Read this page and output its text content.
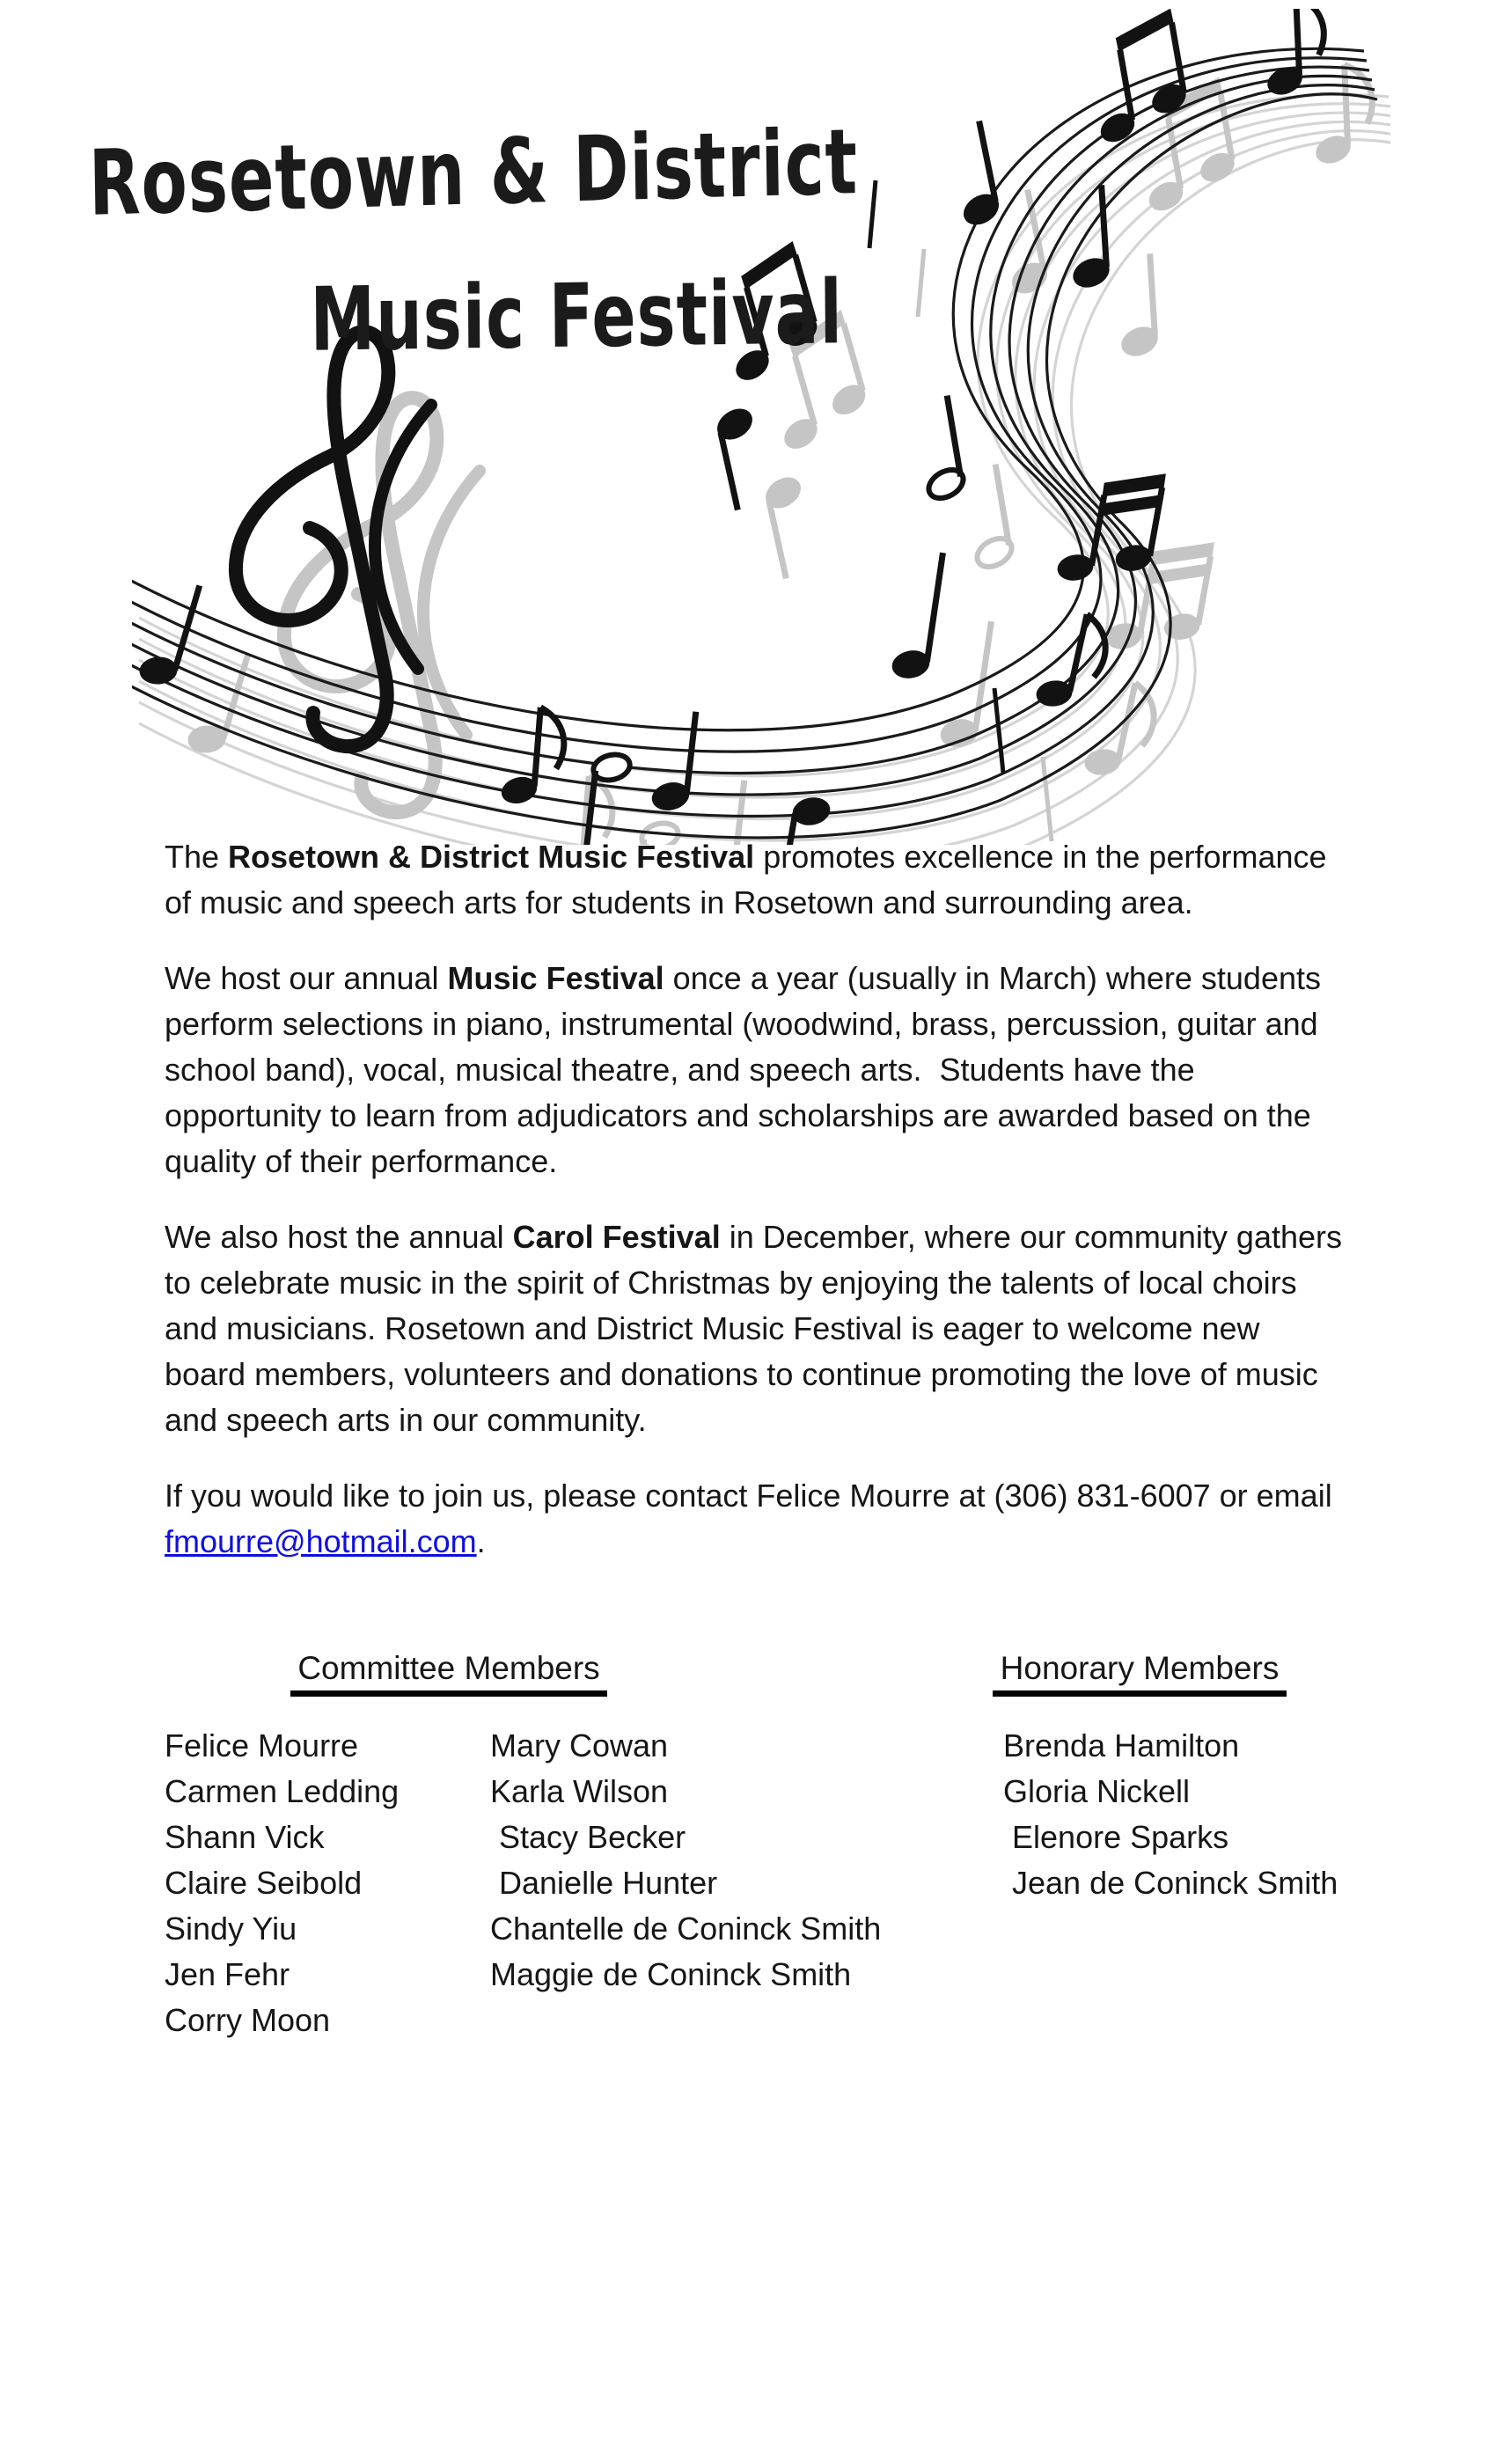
Rosetown & District
Music Festival

The Rosetown & District Music Festival promotes excellence in the performance of music and speech arts for students in Rosetown and surrounding area.

We host our annual Music Festival once a year (usually in March) where students perform selections in piano, instrumental (woodwind, brass, percussion, guitar and school band), vocal, musical theatre, and speech arts.  Students have the opportunity to learn from adjudicators and scholarships are awarded based on the quality of their performance.

We also host the annual Carol Festival in December, where our community gathers to celebrate music in the spirit of Christmas by enjoying the talents of local choirs and musicians. Rosetown and District Music Festival is eager to welcome new board members, volunteers and donations to continue promoting the love of music and speech arts in our community.

If you would like to join us, please contact Felice Mourre at (306) 831-6007 or email fmourre@hotmail.com.

Committee Members	Honorary Members
Felice Mourre
Carmen Ledding
Shann Vick
Claire Seibold
Sindy Yiu
Jen Fehr
Corry Moon
Mary Cowan
Karla Wilson
Stacy Becker
Danielle Hunter
Chantelle de Coninck Smith
Maggie de Coninck Smith
Brenda Hamilton
Gloria Nickell
Elenore Sparks
Jean de Coninck Smith
